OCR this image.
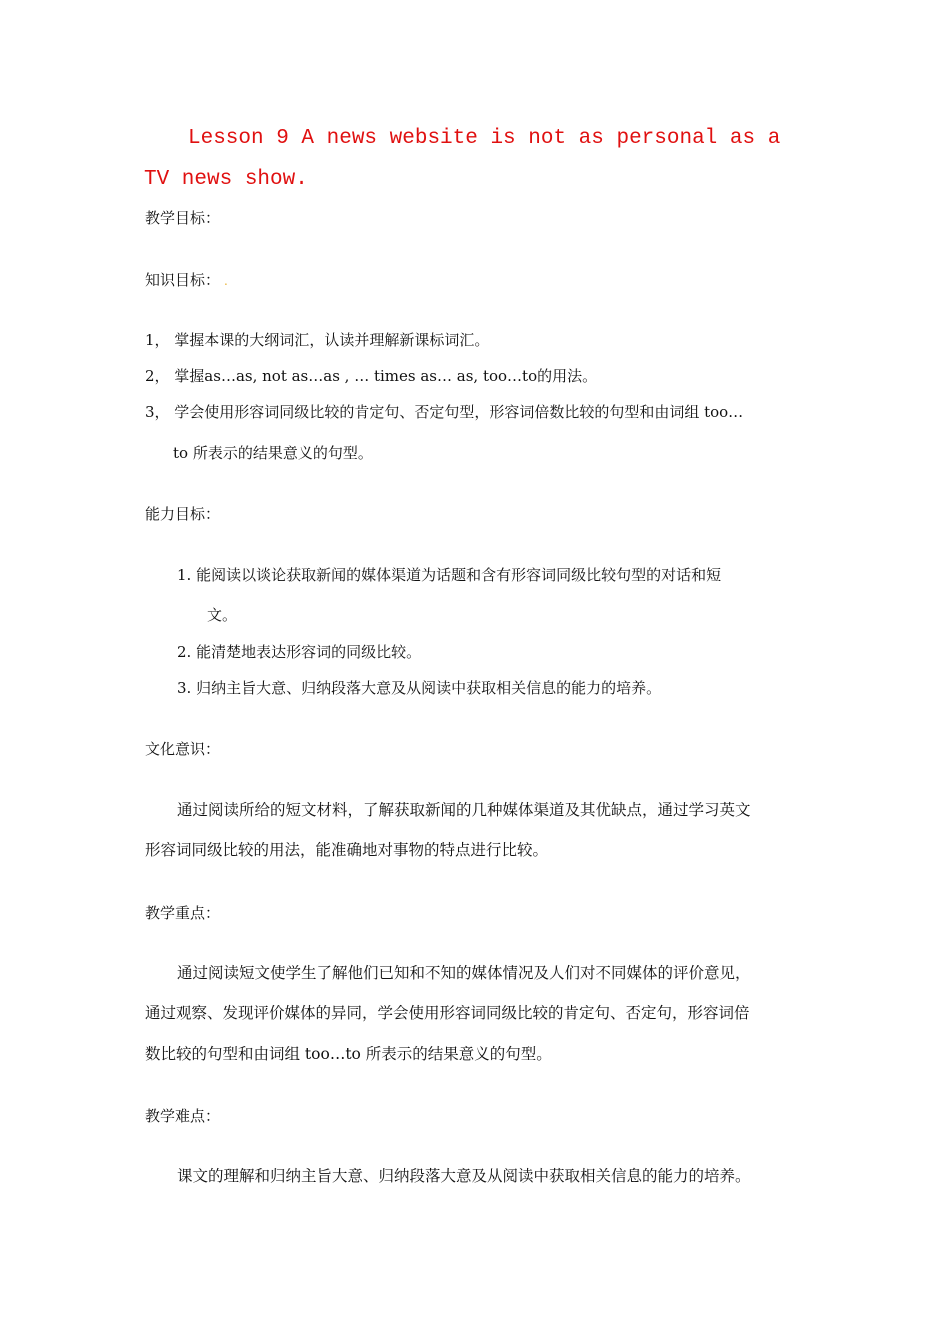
Lesson 9 A news website is not as personal as a TV news show.
教学目标：
知识目标： .
1， 掌握本课的大纲词汇，认读并理解新课标词汇。
2， 掌握as…as, not as…as , … times as… as, too…to的用法。
3， 学会使用形容词同级比较的肯定句、否定句型，形容词倍数比较的句型和由词组 too…
to 所表示的结果意义的句型。
能力目标：
1. 能阅读以谈论获取新闻的媒体渠道为话题和含有形容词同级比较句型的对话和短
文。
2. 能清楚地表达形容词的同级比较。
3. 归纳主旨大意、归纳段落大意及从阅读中获取相关信息的能力的培养。
文化意识：
通过阅读所给的短文材料，了解获取新闻的几种媒体渠道及其优缺点，通过学习英文
形容词同级比较的用法，能准确地对事物的特点进行比较。
教学重点：
通过阅读短文使学生了解他们已知和不知的媒体情况及人们对不同媒体的评价意见，
通过观察、发现评价媒体的异同，学会使用形容词同级比较的肯定句、否定句，形容词倍
数比较的句型和由词组 too…to 所表示的结果意义的句型。
教学难点：
课文的理解和归纳主旨大意、归纳段落大意及从阅读中获取相关信息的能力的培养。
